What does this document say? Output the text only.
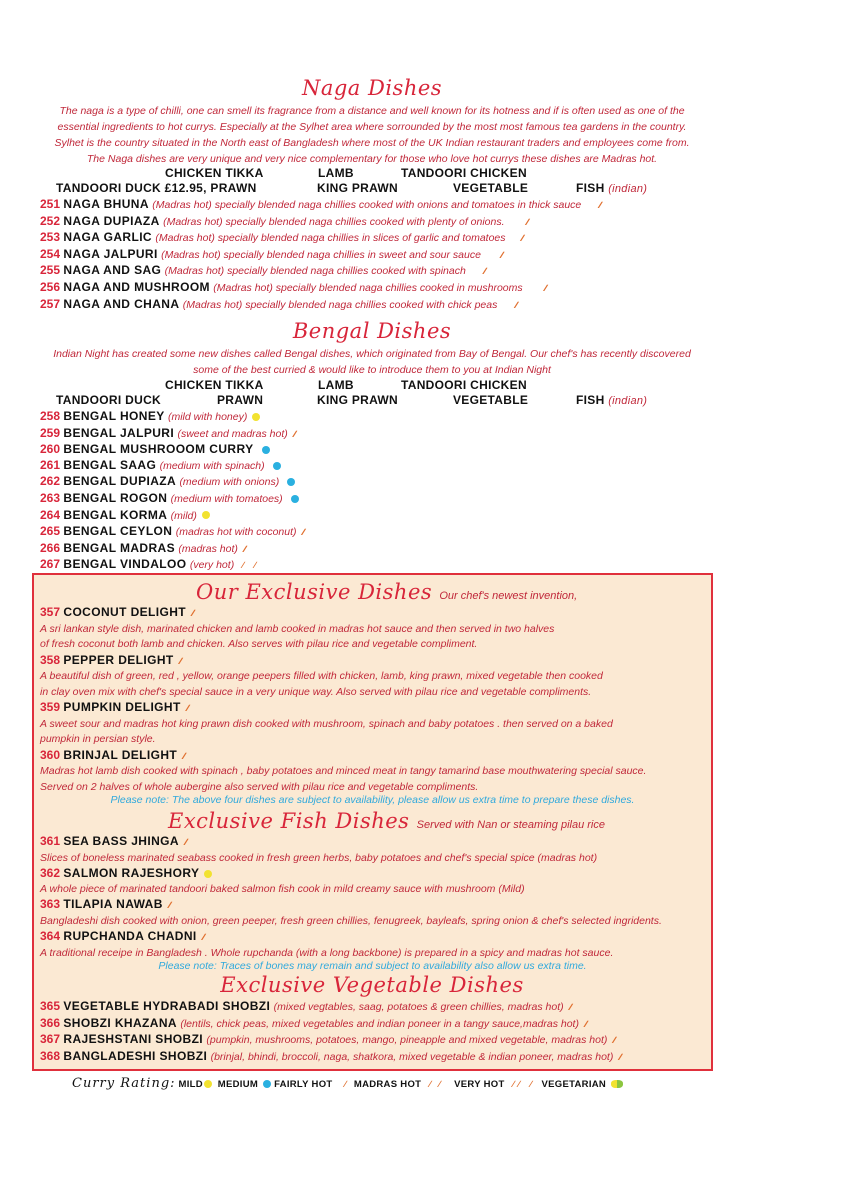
Naga Dishes
The naga is a type of chilli, one can smell its fragrance from a distance and well known for its hotness and if is often used as one of the
essential ingredients to hot currys. Especially at the Sylhet area where sorrounded by the most most famous tea gardens in the country.
Sylhet is the country situated in the North east of Bangladesh where most of the UK Indian restaurant traders and employees come from.
The Naga dishes are very unique and very nice complementary for those who love hot currys these dishes are Madras hot.
CHICKEN TIKKA	LAMB	TANDOORI CHICKEN
TANDOORI DUCK £12.95, PRAWN	KING PRAWN	VEGETABLE	FISH (indian)
251 NAGA BHUNA (Madras hot) specially blended naga chillies cooked with onions and tomatoes in thick sauce ∕∕
252 NAGA DUPIAZA (Madras hot) specially blended naga chillies cooked with plenty of onions. ∕∕
253 NAGA GARLIC (Madras hot) specially blended naga chillies in slices of garlic and tomatoes ∕∕
254 NAGA JALPURI (Madras hot) specially blended naga chillies in sweet and sour sauce ∕∕
255 NAGA AND SAG (Madras hot) specially blended naga chillies cooked with spinach ∕∕
256 NAGA AND MUSHROOM (Madras hot) specially blended naga chillies cooked in mushrooms ∕∕
257 NAGA AND CHANA (Madras hot) specially blended naga chillies cooked with chick peas ∕∕
Bengal Dishes
Indian Night has created some new dishes called Bengal dishes, which originated from Bay of Bengal. Our chef's has recently discovered
some of the best curried & would like to introduce them to you at Indian Night
CHICKEN TIKKA	LAMB	TANDOORI CHICKEN
TANDOORI DUCK	PRAWN	KING PRAWN	VEGETABLE	FISH (indian)
258 BENGAL HONEY (mild with honey)
259 BENGAL JALPURI (sweet and madras hot) ∕∕
260 BENGAL MUSHROOOM CURRY
261 BENGAL SAAG (medium with spinach)
262 BENGAL DUPIAZA (medium with onions)
263 BENGAL ROGON (medium with tomatoes)
264 BENGAL KORMA (mild)
265 BENGAL CEYLON (madras hot with coconut) ∕∕
266 BENGAL MADRAS (madras hot) ∕∕
267 BENGAL VINDALOO (very hot) ∕ ∕
Our Exclusive Dishes Our chef's newest invention,
357 COCONUT DELIGHT ∕∕
A sri lankan style dish, marinated chicken and lamb cooked in madras hot sauce and then served in two halves
of fresh coconut both lamb and chicken. Also serves with pilau rice and vegetable compliment.
358 PEPPER DELIGHT ∕∕
A beautiful dish of green, red , yellow, orange peepers filled with chicken, lamb, king prawn, mixed vegetable then cooked
in clay oven mix with chef's special sauce in a very unique way. Also served with pilau rice and vegetable compliments.
359 PUMPKIN DELIGHT ∕∕
A sweet sour and madras hot king prawn dish cooked with mushroom, spinach and baby potatoes . then served on a baked
pumpkin in persian style.
360 BRINJAL DELIGHT ∕∕
Madras hot lamb dish cooked with spinach , baby potatoes and minced meat in tangy tamarind base mouthwatering special sauce.
Served on 2 halves of whole aubergine also served with pilau rice and vegetable compliments.
Please note: The above four dishes are subject to availability, please allow us extra time to prepare these dishes.
Exclusive Fish Dishes Served with Nan or steaming pilau rice
361 SEA BASS JHINGA ∕∕
Slices of boneless marinated seabass cooked in fresh green herbs, baby potatoes and chef's special spice (madras hot)
362 SALMON RAJESHORY
A whole piece of marinated tandoori baked salmon fish cook in mild creamy sauce with mushroom (Mild)
363 TILAPIA NAWAB ∕∕
Bangladeshi dish cooked with onion, green peeper, fresh green chillies, fenugreek, bayleafs, spring onion & chef's selected ingridents.
364 RUPCHANDA CHADNI ∕∕
A traditional receipe in Bangladesh . Whole rupchanda (with a long backbone) is prepared in a spicy and madras hot sauce.
Please note: Traces of bones may remain and subject to availability also allow us extra time.
Exclusive Vegetable Dishes
365 VEGETABLE HYDRABADI SHOBZI (mixed vegtables, saag, potatoes & green chillies, madras hot) ∕∕
366 SHOBZI KHAZANA (lentils, chick peas, mixed vegetables and indian poneer in a tangy sauce,madras hot) ∕∕
367 RAJESHSTANI SHOBZI (pumpkin, mushrooms, potatoes, mango, pineapple and mixed vegetable, madras hot) ∕∕
368 BANGLADESHI SHOBZI (brinjal, bhindi, broccoli, naga, shatkora, mixed vegetable & indian poneer, madras hot) ∕∕
Curry Rating: MILD MEDIUM FAIRLY HOT ∕ MADRAS HOT ∕∕ VERY HOT ∕∕ ∕ VEGETARIAN
